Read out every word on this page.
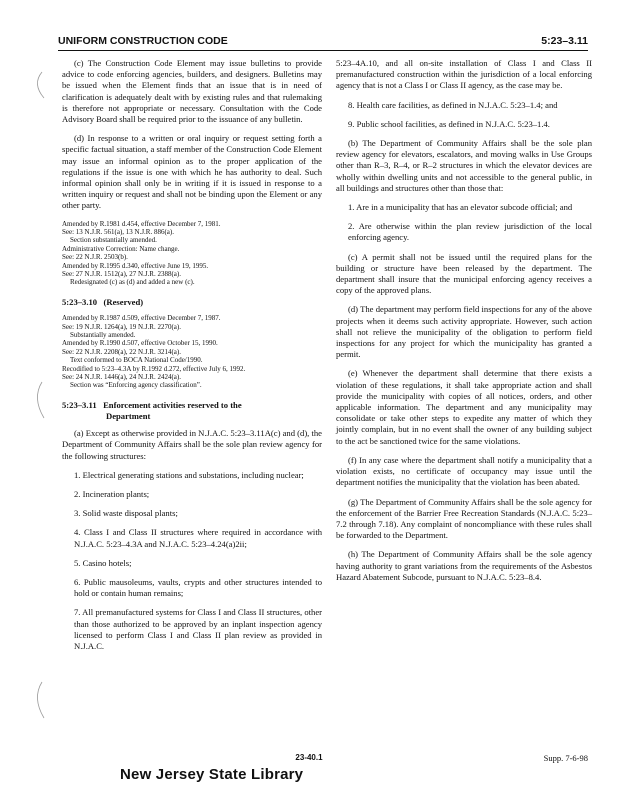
UNIFORM CONSTRUCTION CODE	5:23–3.11

(c) The Construction Code Element may issue bulletins to provide advice to code enforcing agencies, builders, and designers. Bulletins may be issued when the Element finds that an issue that is in need of clarification is adequately dealt with by existing rules and that rulemaking is therefore not appropriate or necessary. Consultation with the Code Advisory Board shall be required prior to the issuance of any bulletin.

(d) In response to a written or oral inquiry or request setting forth a specific factual situation, a staff member of the Construction Code Element may issue an informal opinion as to the proper application of the regulations if the issue is one with which he has authority to deal. Such informal opinion shall only be in writing if it is issued in response to a written inquiry or request and shall not be binding upon the Element or any other party.

Amended by R.1981 d.454, effective December 7, 1981.
See: 13 N.J.R. 561(a), 13 N.J.R. 886(a).
Section substantially amended.
Administrative Correction: Name change.
See: 22 N.J.R. 2503(b).
Amended by R.1995 d.340, effective June 19, 1995.
See: 27 N.J.R. 1512(a), 27 N.J.R. 2388(a).
Redesignated (c) as (d) and added a new (c).
5:23–3.10   (Reserved)
Amended by R.1987 d.509, effective December 7, 1987.
See: 19 N.J.R. 1264(a), 19 N.J.R. 2270(a).
Substantially amended.
Amended by R.1990 d.507, effective October 15, 1990.
See: 22 N.J.R. 2208(a), 22 N.J.R. 3214(a).
Text conformed to BOCA National Code/1990.
Recodified to 5:23–4.3A by R.1992 d.272, effective July 6, 1992.
See: 24 N.J.R. 1446(a), 24 N.J.R. 2424(a).
Section was “Enforcing agency classification”.
5:23–3.11 Enforcement activities reserved to the
Department

(a) Except as otherwise provided in N.J.A.C. 5:23–3.11A(c) and (d), the Department of Community Affairs shall be the sole plan review agency for the following structures:

1. Electrical generating stations and substations, including nuclear;

2. Incineration plants;

3. Solid waste disposal plants;

4. Class I and Class II structures where required in accordance with N.J.A.C. 5:23–4.3A and N.J.A.C. 5:23–4.24(a)2ii;

5. Casino hotels;

6. Public mausoleums, vaults, crypts and other structures intended to hold or contain human remains;

7. All premanufactured systems for Class I and Class II structures, other than those authorized to be approved by an inplant inspection agency licensed to perform Class I and Class II plan review as provided in N.J.A.C.

5:23–4A.10, and all on-site installation of Class I and Class II premanufactured construction within the jurisdiction of a local enforcing agency that is not a Class I or Class II agency, as the case may be.

8. Health care facilities, as defined in N.J.A.C. 5:23–1.4; and

9. Public school facilities, as defined in N.J.A.C. 5:23–1.4.

(b) The Department of Community Affairs shall be the sole plan review agency for elevators, escalators, and moving walks in Use Groups other than R–3, R–4, or R–2 structures in which the elevator devices are wholly within dwelling units and not accessible to the general public, in all buildings and structures other than those that:

1. Are in a municipality that has an elevator subcode official; and

2. Are otherwise within the plan review jurisdiction of the local enforcing agency.

(c) A permit shall not be issued until the required plans for the building or structure have been released by the department. The department shall insure that the municipal enforcing agency receives a copy of the approved plans.

(d) The department may perform field inspections for any of the above projects when it deems such activity appropriate. However, such action shall not relieve the municipality of the obligation to perform field inspections for any project for which the municipality has granted a permit.

(e) Whenever the department shall determine that there exists a violation of these regulations, it shall take appropriate action and shall provide the municipality with copies of all notices, orders, and other applicable information. The department and any municipality may consolidate or take other steps to expedite any matter of which they jointly complain, but in no event shall the owner of any building subject to the act be sanctioned twice for the same violations.

(f) In any case where the department shall notify a municipality that a violation exists, no certificate of occupancy may issue until the department notifies the municipality that the violation has been abated.

(g) The Department of Community Affairs shall be the sole agency for the enforcement of the Barrier Free Recreation Standards (N.J.A.C. 5:23– 7.2 through 7.18). Any complaint of noncompliance with these rules shall be forwarded to the Department.

(h) The Department of Community Affairs shall be the sole agency having authority to grant variations from the requirements of the Asbestos Hazard Abatement Subcode, pursuant to N.J.A.C. 5:23–8.4.

23-40.1	Supp. 7-6-98
New Jersey State Library
